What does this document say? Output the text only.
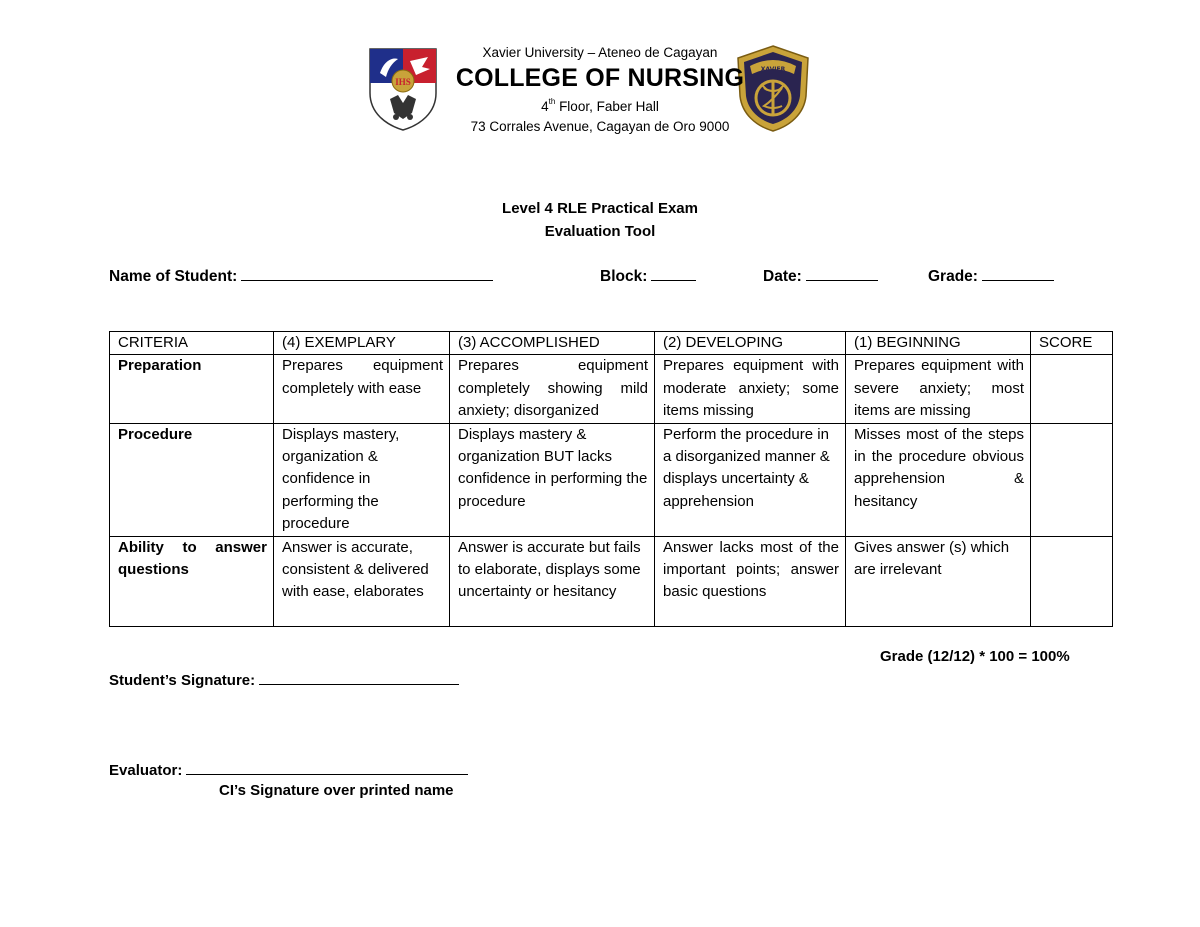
IHS
XAVIER
Xavier University – Ateneo de Cagayan
COLLEGE OF NURSING
4th Floor, Faber Hall
73 Corrales Avenue, Cagayan de Oro 9000
Level 4 RLE Practical Exam
Evaluation Tool
Name of Student:	Block:	Date:	Grade:
CRITERIA	(4) EXEMPLARY	(3) ACCOMPLISHED	(2) DEVELOPING	(1) BEGINNING	SCORE
Preparation	Prepares equipment completely with ease	Prepares equipment completely showing mild anxiety; disorganized	Prepares equipment with moderate anxiety; some items missing	Prepares equipment with severe anxiety; most items are missing	
Procedure	Displays mastery, organization & confidence in performing the procedure	Displays mastery & organization BUT lacks confidence in performing the procedure	Perform the procedure in a disorganized manner & displays uncertainty & apprehension	Misses most of the steps in the procedure obvious apprehension & hesitancy	
Ability to answer questions	Answer is accurate, consistent & delivered with ease, elaborates	Answer is accurate but fails to elaborate, displays some uncertainty or hesitancy	Answer lacks most of the important points; answer basic questions	Gives answer (s) which are irrelevant	
Grade (12/12) * 100 = 100%
Student’s Signature:
Evaluator:
CI’s Signature over printed name
